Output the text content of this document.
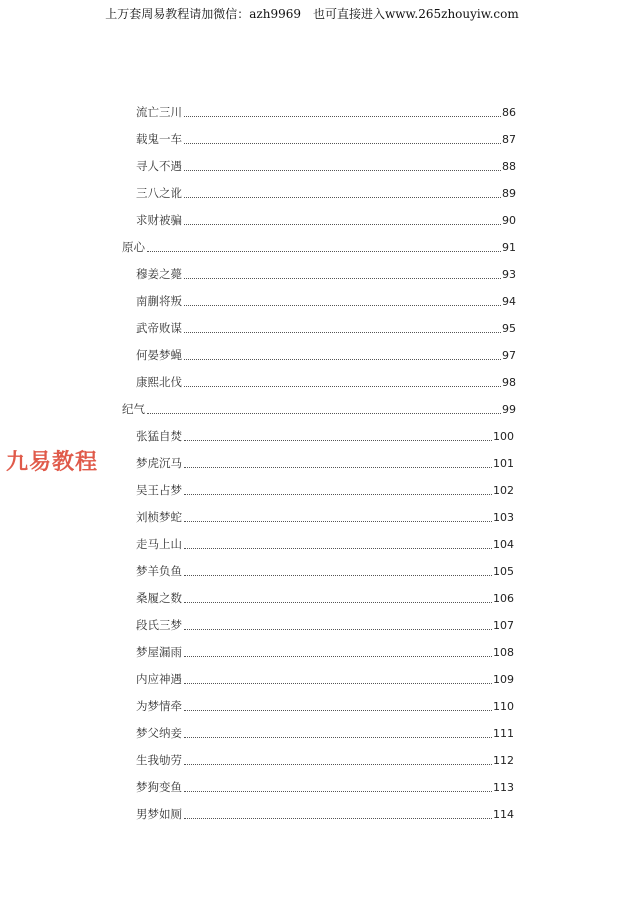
上万套周易教程请加微信：azh9969　也可直接进入www.265zhouyiw.com
九易教程
流亡三川	86
载鬼一车	87
寻人不遇	88
三八之讹	89
求财被骗	90
原心	91
穆姜之薨	93
南蒯将叛	94
武帝败谋	95
何晏梦蝇	97
康熙北伐	98
纪气	99
张猛自焚	100
梦虎沉马	101
吴王占梦	102
刘桢梦蛇	103
走马上山	104
梦羊负鱼	105
桑履之数	106
段氏三梦	107
梦屋漏雨	108
内应神遇	109
为梦情牵	110
梦父纳妾	111
生我劬劳	112
梦狗变鱼	113
男梦如厕	114
